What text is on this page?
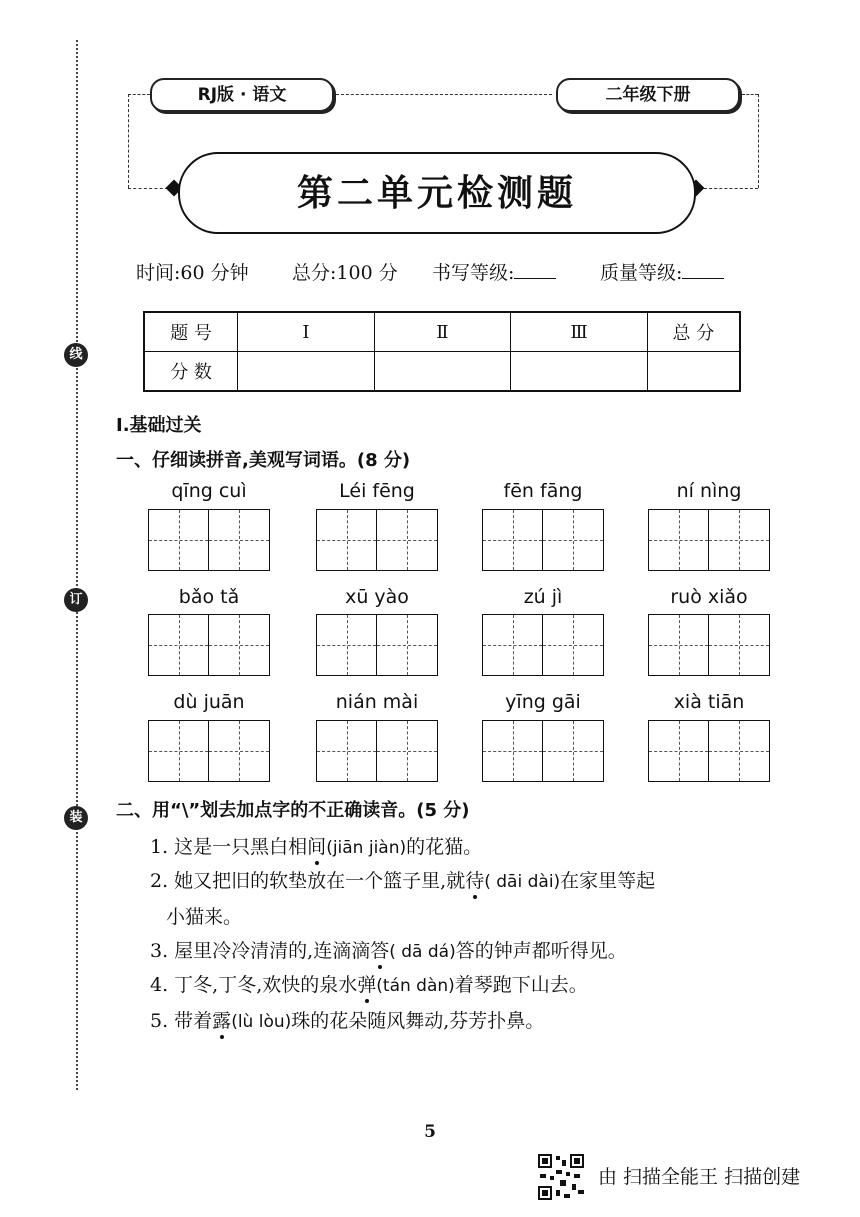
线
订
装
RJ版 · 语文	二年级下册
第二单元检测题
时间:60 分钟 总分:100 分 书写等级:	质量等级:
题 号	Ⅰ	Ⅱ	Ⅲ	总 分
分 数				
Ⅰ.基础过关
一、仔细读拼音,美观写词语。(8 分)
qīng cuì	Léi fēng	fēn fāng	ní nìng
bǎo tǎ	xū yào	zú jì	ruò xiǎo
dù juān	nián mài	yīng gāi	xià tiān
二、用“\”划去加点字的不正确读音。(5 分)
1. 这是一只黑白相间(jiān jiàn)的花猫。
2. 她又把旧的软垫放在一个篮子里,就待( dāi dài)在家里等起
小猫来。
3. 屋里冷冷清清的,连滴滴答( dā dá)答的钟声都听得见。
4. 丁冬,丁冬,欢快的泉水弹(tán dàn)着琴跑下山去。
5. 带着露(lù lòu)珠的花朵随风舞动,芬芳扑鼻。
5
由 扫描全能王 扫描创建
